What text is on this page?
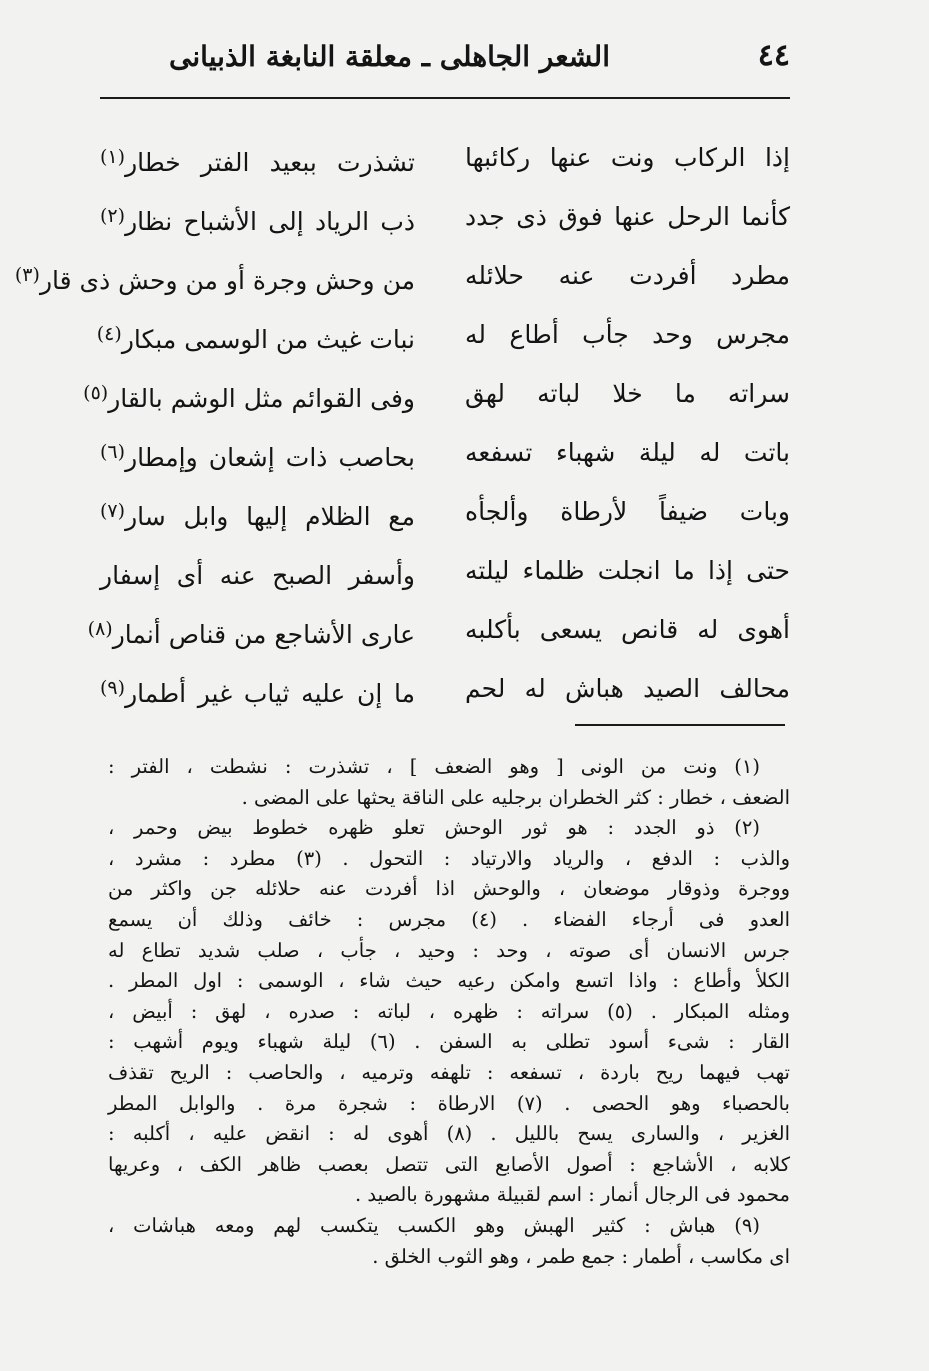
٤٤
الشعر الجاهلى ـ معلقة النابغة الذبيانى
إذا الركاب ونت عنها ركائبها
تشذرت ببعيد الفتر خطار$^{(١)}$
كأنما الرحل عنها فوق ذى جدد
ذب الرياد إلى الأشباح نظار$^{(٢)}$
مطرد أفردت عنه حلائله
من وحش وجرة أو من وحش ذى قار$^{(٣)}$
مجرس وحد جأب أطاع له
نبات غيث من الوسمى مبكار$^{(٤)}$
سراته ما خلا لباته لهق
وفى القوائم مثل الوشم بالقار$^{(٥)}$
باتت له ليلة شهباء تسفعه
بحاصب ذات إشعان وإمطار$^{(٦)}$
وبات ضيفاً لأرطاة وألجأه
مع الظلام إليها وابل سار$^{(٧)}$
حتى إذا ما انجلت ظلماء ليلته
وأسفر الصبح عنه أى إسفار
أهوى له قانص يسعى بأكلبه
عارى الأشاجع من قناص أنمار$^{(٨)}$
محالف الصيد هباش له لحم
ما إن عليه ثياب غير أطمار$^{(٩)}$
(١) ونت من الونى [ وهو الضعف ] ، تشذرت : نشطت ، الفتر :
الضعف ، خطار : كثر الخطران برجليه على الناقة يحثها على المضى .
(٢) ذو الجدد : هو ثور الوحش تعلو ظهره خطوط بيض وحمر ،
والذب : الدفع ، والرياد والارتياد : التحول . (٣) مطرد : مشرد ،
ووجرة وذوقار موضعان ، والوحش اذا أفردت عنه حلائله جن واكثر من
العدو فى أرجاء الفضاء . (٤) مجرس : خائف وذلك أن يسمع
جرس الانسان أى صوته ، وحد : وحيد ، جأب ، صلب شديد تطاع له
الكلأ وأطاع : واذا اتسع وامكن رعيه حيث شاء ، الوسمى : اول المطر .
ومثله المبكار . (٥) سراته : ظهره ، لباته : صدره ، لهق : أبيض ،
القار : شىء أسود تطلى به السفن . (٦) ليلة شهباء ويوم أشهب :
تهب فيهما ريح باردة ، تسفعه : تلهفه وترميه ، والحاصب : الريح تقذف
بالحصباء وهو الحصى . (٧) الارطاة : شجرة مرة . والوابل المطر
الغزير ، والسارى يسح بالليل . (٨) أهوى له : انقض عليه ، أكلبه :
كلابه ، الأشاجع : أصول الأصابع التى تتصل بعصب ظاهر الكف ، وعريها
محمود فى الرجال أنمار : اسم لقبيلة مشهورة بالصيد .
(٩) هباش : كثير الهبش وهو الكسب يتكسب لهم ومعه هباشات ،
اى مكاسب ، أطمار : جمع طمر ، وهو الثوب الخلق .
